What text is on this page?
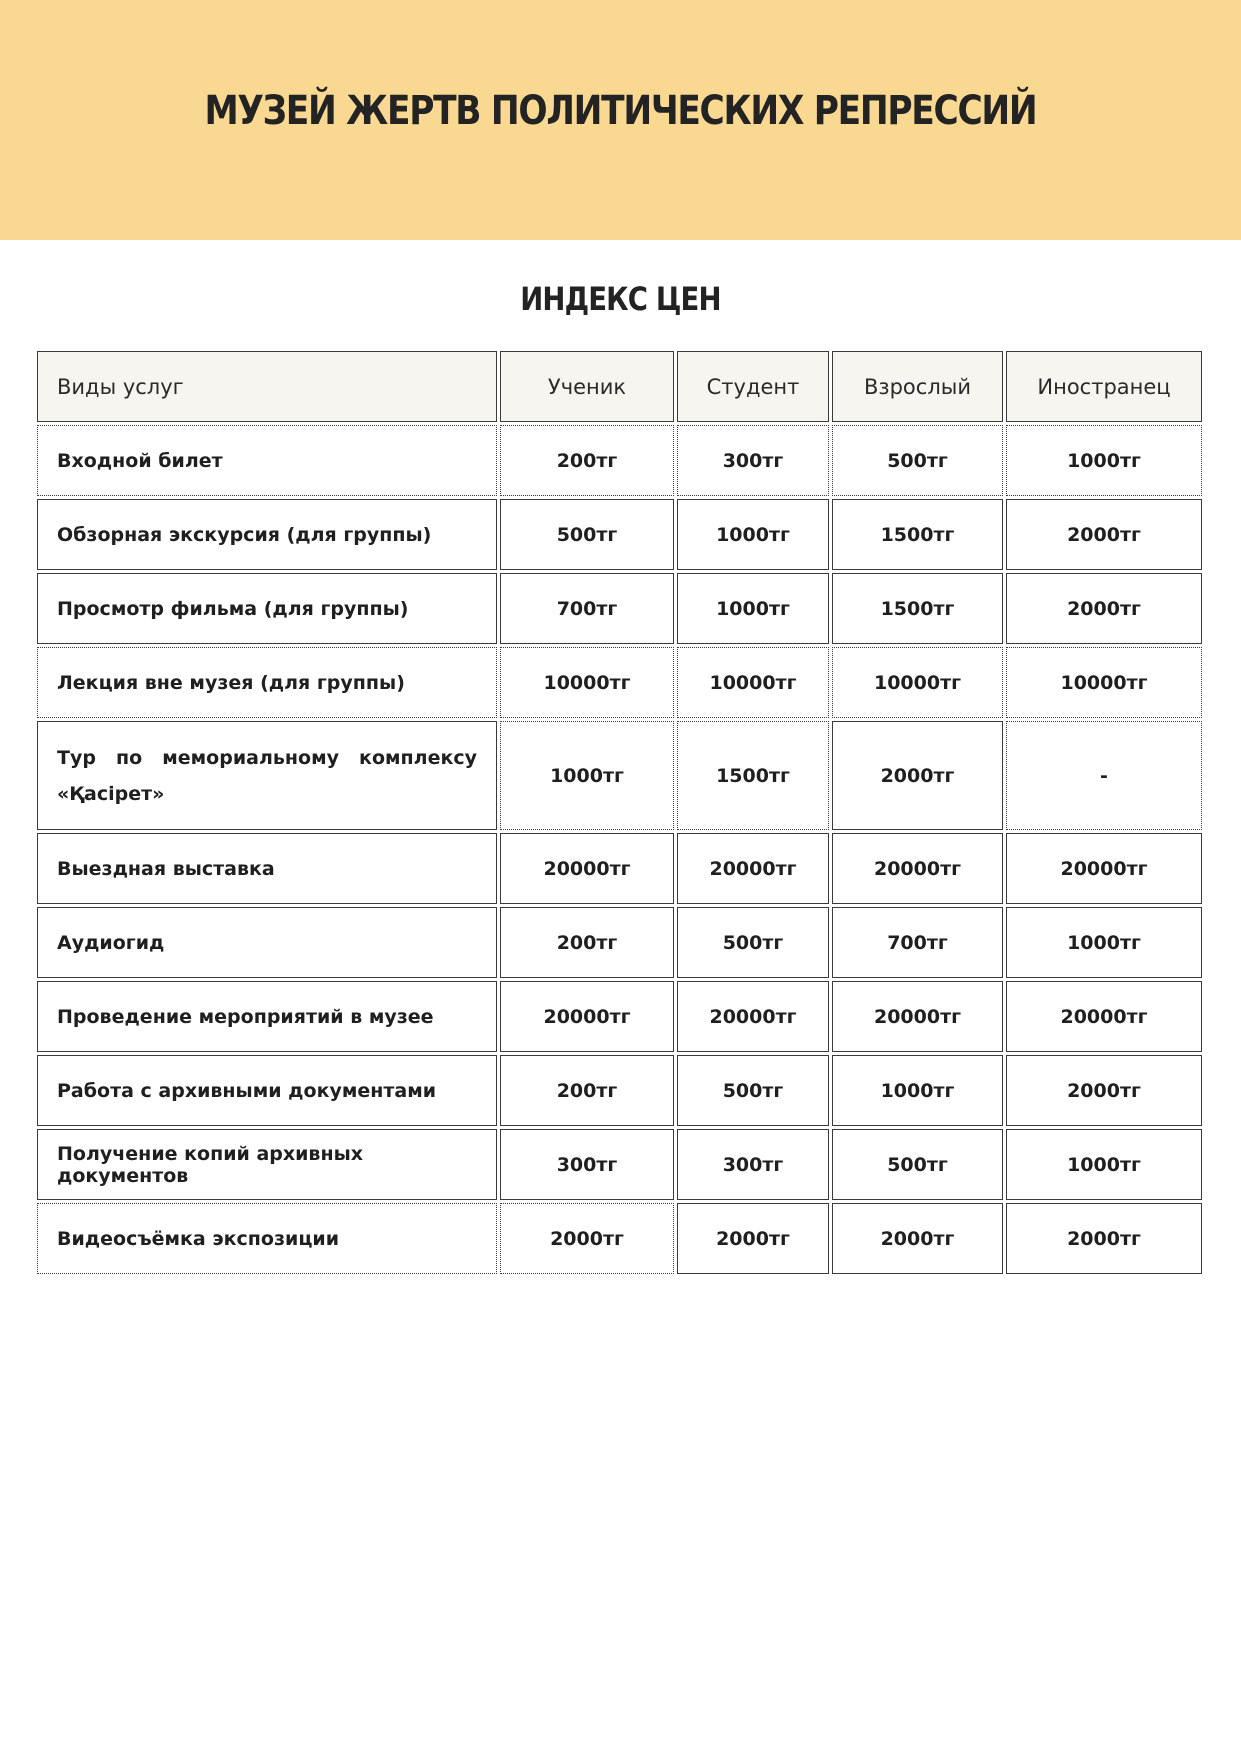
МУЗЕЙ ЖЕРТВ ПОЛИТИЧЕСКИХ РЕПРЕССИЙ
ИНДЕКС ЦЕН
Виды услуг	Ученик	Студент	Взрослый	Иностранец
Входной билет	200тг	300тг	500тг	1000тг
Обзорная экскурсия (для группы)	500тг	1000тг	1500тг	2000тг
Просмотр фильма (для группы)	700тг	1000тг	1500тг	2000тг
Лекция вне музея (для группы)	10000тг	10000тг	10000тг	10000тг
Тур по мемориальному комплексу «Қасірет»	1000тг	1500тг	2000тг	-
Выездная выставка	20000тг	20000тг	20000тг	20000тг
Аудиогид	200тг	500тг	700тг	1000тг
Проведение мероприятий в музее	20000тг	20000тг	20000тг	20000тг
Работа с архивными документами	200тг	500тг	1000тг	2000тг
Получение копий архивных документов	300тг	300тг	500тг	1000тг
Видеосъёмка экспозиции	2000тг	2000тг	2000тг	2000тг
